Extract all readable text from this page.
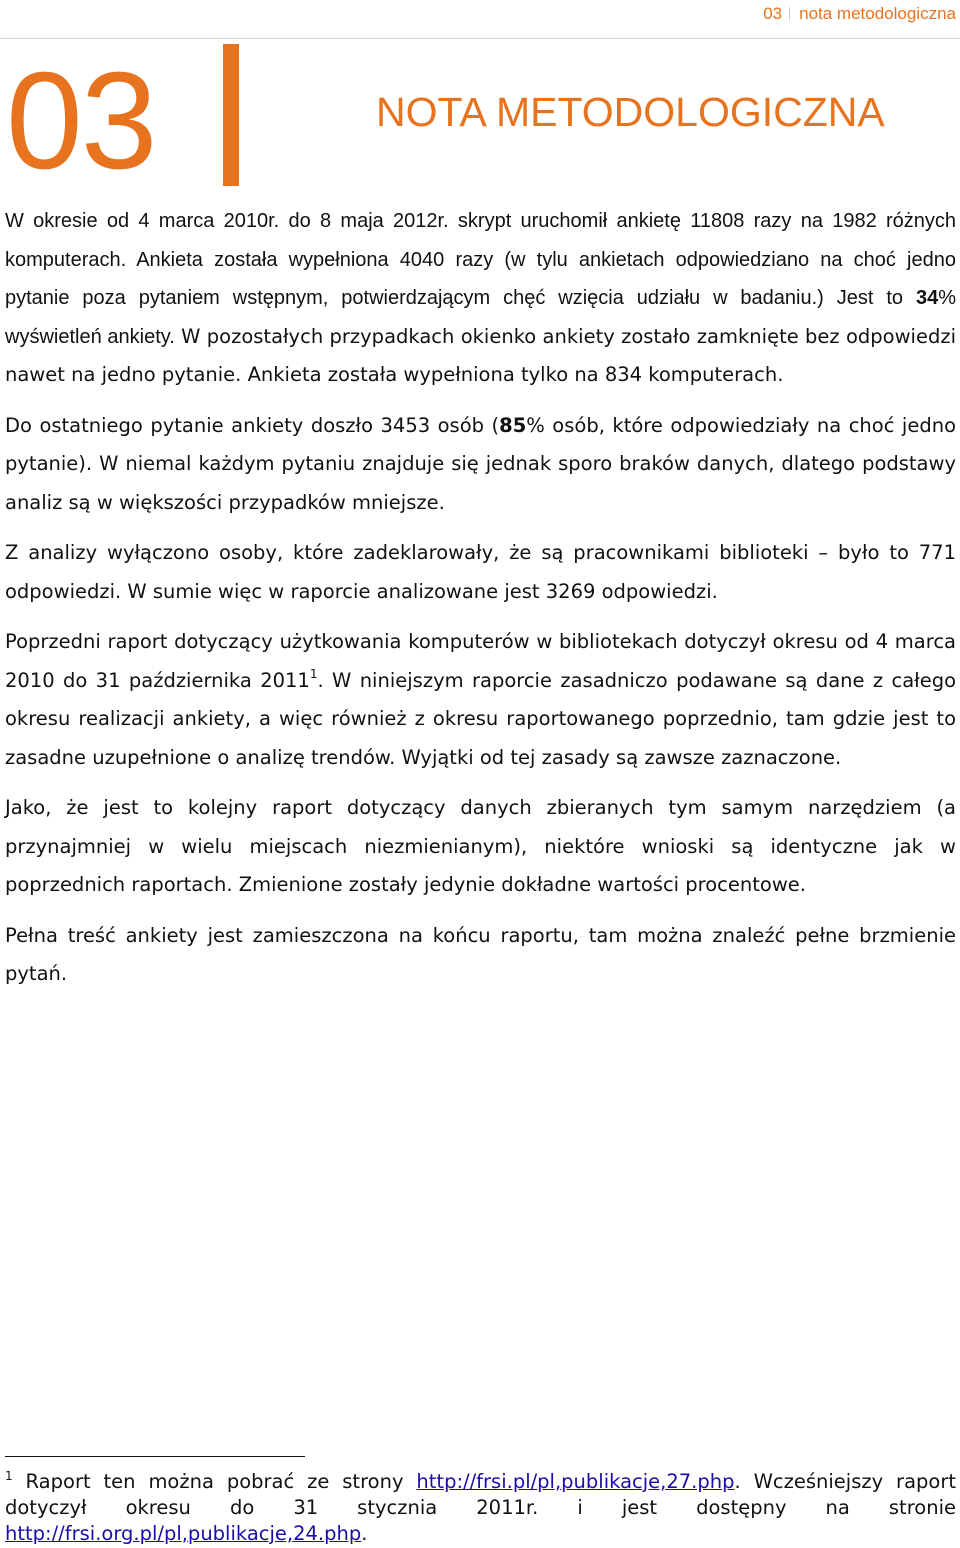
03 nota metodologiczna
03	NOTA METODOLOGICZNA

W okresie od 4 marca 2010r. do 8 maja 2012r. skrypt uruchomił ankietę 11808 razy na 1982 różnych komputerach. Ankieta została wypełniona 4040 razy (w tylu ankietach odpowiedziano na choć jedno pytanie poza pytaniem wstępnym, potwierdzającym chęć wzięcia udziału w badaniu.) Jest to 34% wyświetleń ankiety. W pozostałych przypadkach okienko ankiety zostało zamknięte bez odpowiedzi nawet na jedno pytanie. Ankieta została wypełniona tylko na 834 komputerach.

Do ostatniego pytanie ankiety doszło 3453 osób (85% osób, które odpowiedziały na choć jedno pytanie). W niemal każdym pytaniu znajduje się jednak sporo braków danych, dlatego podstawy analiz są w większości przypadków mniejsze.

Z analizy wyłączono osoby, które zadeklarowały, że są pracownikami biblioteki – było to 771 odpowiedzi. W sumie więc w raporcie analizowane jest 3269 odpowiedzi.

Poprzedni raport dotyczący użytkowania komputerów w bibliotekach dotyczył okresu od 4 marca 2010 do 31 października 2011$^1$. W niniejszym raporcie zasadniczo podawane są dane z całego okresu realizacji ankiety, a więc również z okresu raportowanego poprzednio, tam gdzie jest to zasadne uzupełnione o analizę trendów. Wyjątki od tej zasady są zawsze zaznaczone.

Jako, że jest to kolejny raport dotyczący danych zbieranych tym samym narzędziem (a przynajmniej w wielu miejscach niezmienianym), niektóre wnioski są identyczne jak w poprzednich raportach. Zmienione zostały jedynie dokładne wartości procentowe.

Pełna treść ankiety jest zamieszczona na końcu raportu, tam można znaleźć pełne brzmienie pytań.

$^1$ Raport ten można pobrać ze strony http://frsi.pl/pl,publikacje,27.php. Wcześniejszy raport dotyczył okresu do 31 stycznia 2011r. i jest dostępny na stronie http://frsi.org.pl/pl,publikacje,24.php.
